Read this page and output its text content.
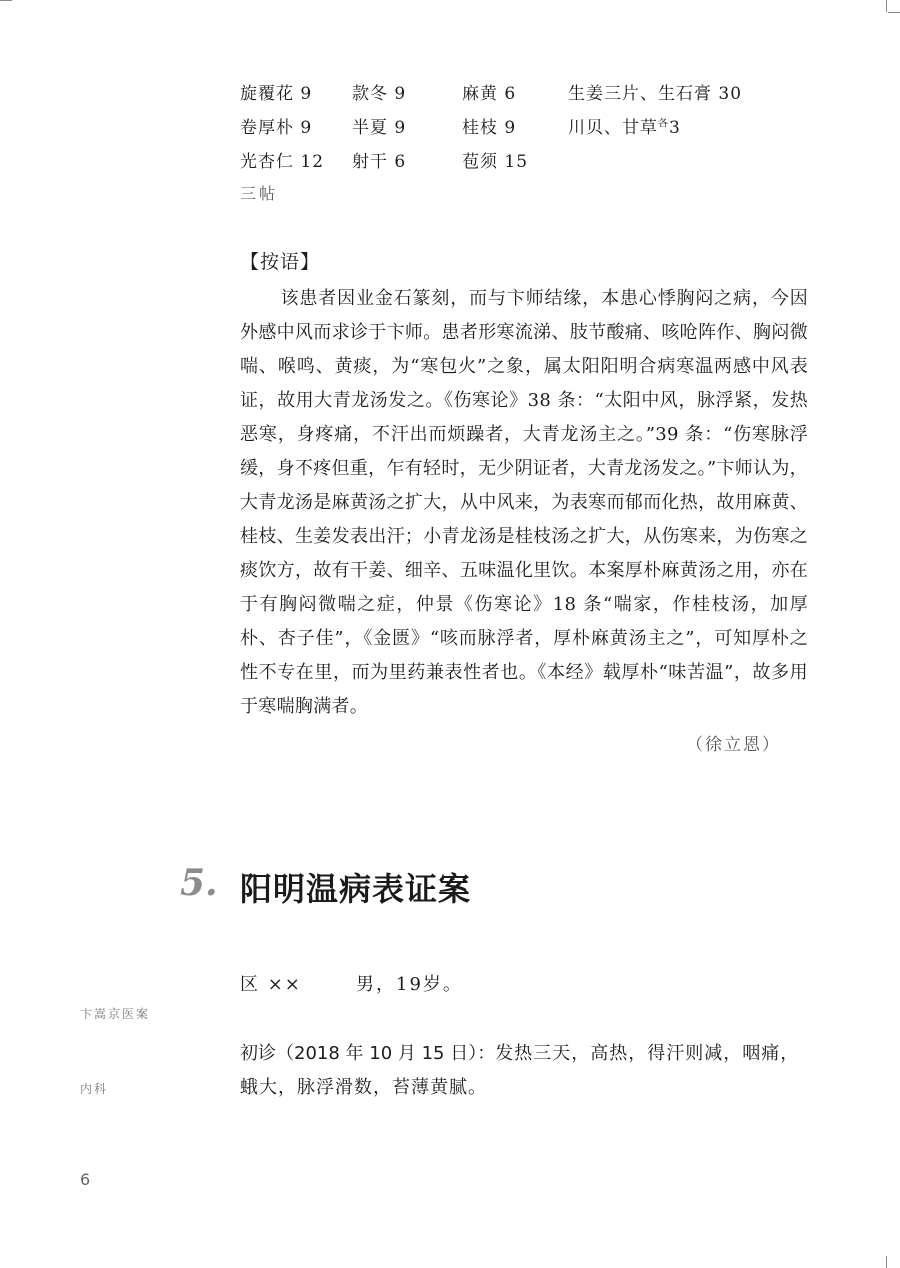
旋覆花 9	款冬 9	麻黄 6	生姜三片、生石膏 30
卷厚朴 9	半夏 9	桂枝 9	川贝、甘草$^各$3
光杏仁 12	射干 6	苞须 15
三帖
【按语】
该患者因业金石篆刻，而与卞师结缘，本患心悸胸闷之病，今因外感中风而求诊于卞师。患者形寒流涕、肢节酸痛、咳呛阵作、胸闷微喘、喉鸣、黄痰，为“寒包火”之象，属太阳阳明合病寒温两感中风表证，故用大青龙汤发之。《伤寒论》38 条：“太阳中风，脉浮紧，发热恶寒，身疼痛，不汗出而烦躁者，大青龙汤主之。”39 条：“伤寒脉浮缓，身不疼但重，乍有轻时，无少阴证者，大青龙汤发之。”卞师认为，大青龙汤是麻黄汤之扩大，从中风来，为表寒而郁而化热，故用麻黄、桂枝、生姜发表出汗；小青龙汤是桂枝汤之扩大，从伤寒来，为伤寒之痰饮方，故有干姜、细辛、五味温化里饮。本案厚朴麻黄汤之用，亦在于有胸闷微喘之症，仲景《伤寒论》18 条“喘家，作桂枝汤，加厚朴、杏子佳”，《金匮》“咳而脉浮者，厚朴麻黄汤主之”，可知厚朴之性不专在里，而为里药兼表性者也。《本经》载厚朴“味苦温”，故多用于寒喘胸满者。
（徐立恩）
5. 阳明温病表证案
区 ××	男，19岁。
卞嵩京医案
内科
初诊（2018 年 10 月 15 日）：发热三天，高热，得汗则减，咽痛，蛾大，脉浮滑数，苔薄黄腻。
6
